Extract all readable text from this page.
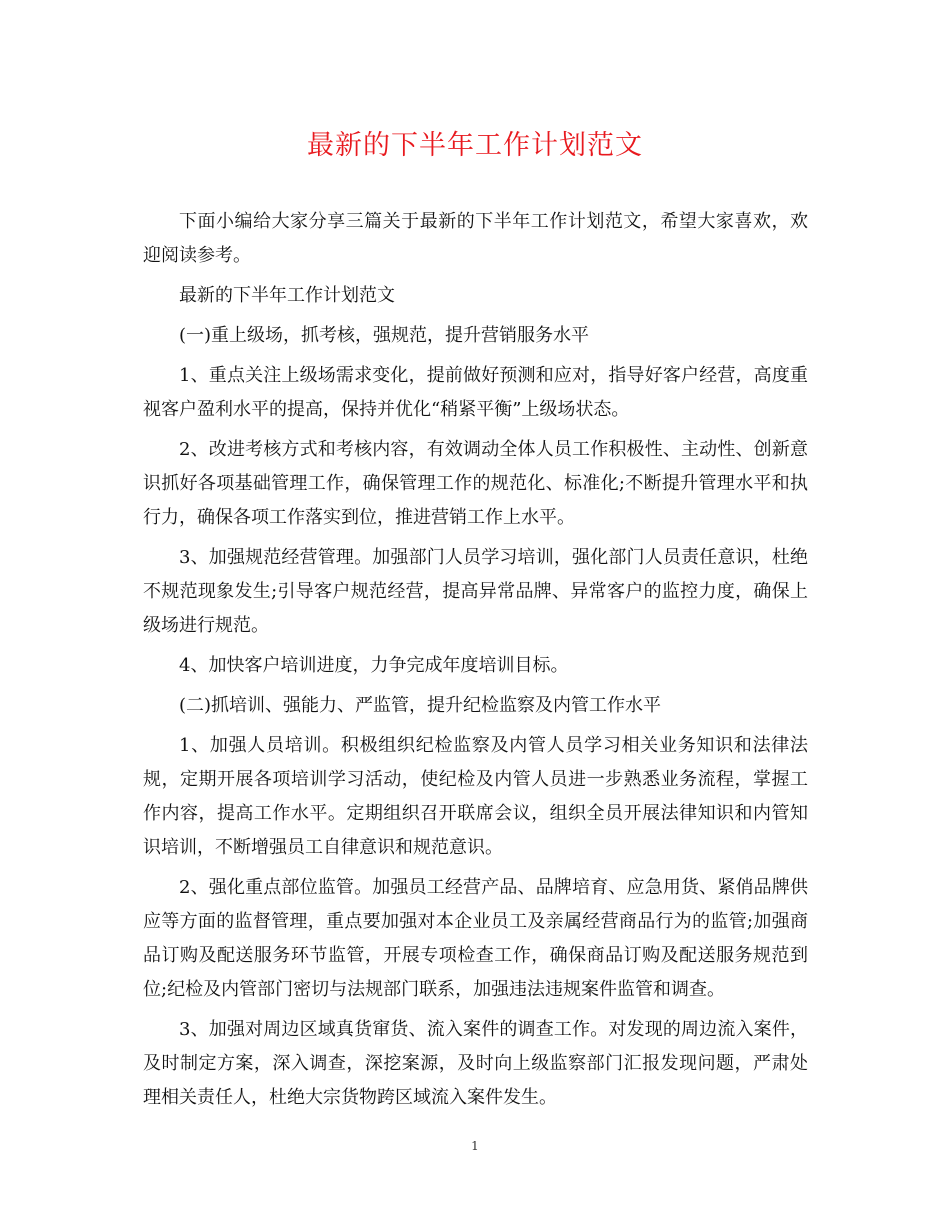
最新的下半年工作计划范文

下面小编给大家分享三篇关于最新的下半年工作计划范文，希望大家喜欢，欢迎阅读参考。

最新的下半年工作计划范文

(一)重上级场，抓考核，强规范，提升营销服务水平

1、重点关注上级场需求变化，提前做好预测和应对，指导好客户经营，高度重视客户盈利水平的提高，保持并优化“稍紧平衡”上级场状态。

2、改进考核方式和考核内容，有效调动全体人员工作积极性、主动性、创新意识抓好各项基础管理工作，确保管理工作的规范化、标准化;不断提升管理水平和执行力，确保各项工作落实到位，推进营销工作上水平。

3、加强规范经营管理。加强部门人员学习培训，强化部门人员责任意识，杜绝不规范现象发生;引导客户规范经营，提高异常品牌、异常客户的监控力度，确保上级场进行规范。

4、加快客户培训进度，力争完成年度培训目标。

(二)抓培训、强能力、严监管，提升纪检监察及内管工作水平

1、加强人员培训。积极组织纪检监察及内管人员学习相关业务知识和法律法规，定期开展各项培训学习活动，使纪检及内管人员进一步熟悉业务流程，掌握工作内容，提高工作水平。定期组织召开联席会议，组织全员开展法律知识和内管知识培训，不断增强员工自律意识和规范意识。

2、强化重点部位监管。加强员工经营产品、品牌培育、应急用货、紧俏品牌供应等方面的监督管理，重点要加强对本企业员工及亲属经营商品行为的监管;加强商品订购及配送服务环节监管，开展专项检查工作，确保商品订购及配送服务规范到位;纪检及内管部门密切与法规部门联系，加强违法违规案件监管和调查。

3、加强对周边区域真货窜货、流入案件的调查工作。对发现的周边流入案件，及时制定方案，深入调查，深挖案源，及时向上级监察部门汇报发现问题，严肃处理相关责任人，杜绝大宗货物跨区域流入案件发生。

1
